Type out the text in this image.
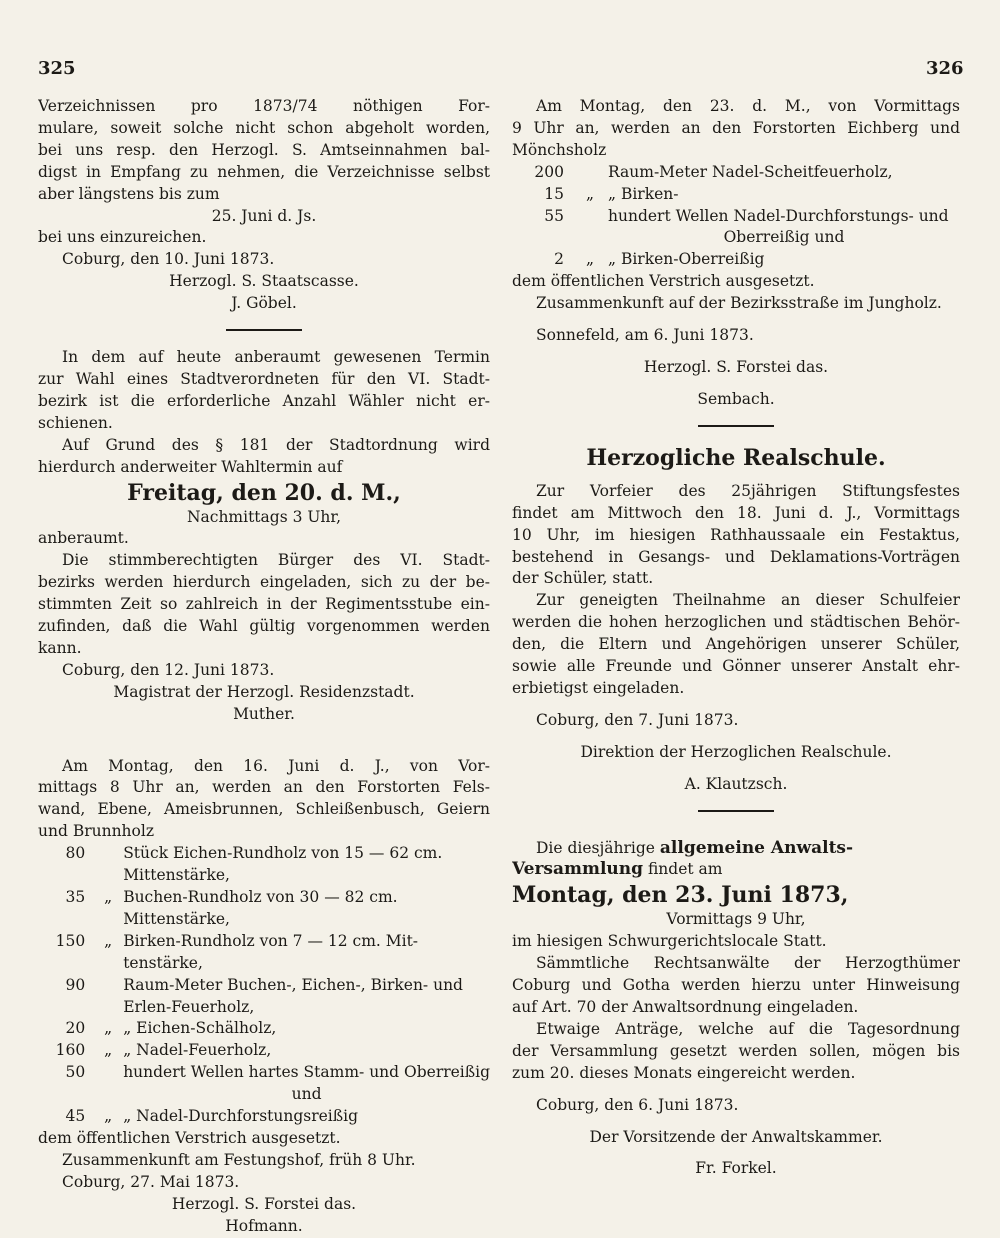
325	326
Verzeichnissen pro 1873/74 nöthigen For-
mulare, soweit solche nicht schon abgeholt worden,
bei uns resp. den Herzogl. S. Amtseinnahmen bal-
digst in Empfang zu nehmen, die Verzeichnisse selbst
aber längstens bis zum
25. Juni d. Js.
bei uns einzureichen.
Coburg, den 10. Juni 1873.
Herzogl. S. Staatscasse.
J. Göbel.
In dem auf heute anberaumt gewesenen Termin
zur Wahl eines Stadtverordneten für den VI. Stadt-
bezirk ist die erforderliche Anzahl Wähler nicht er-
schienen.
Auf Grund des § 181 der Stadtordnung wird
hierdurch anderweiter Wahltermin auf
Freitag, den 20. d. M.,
Nachmittags 3 Uhr,
anberaumt.
Die stimmberechtigten Bürger des VI. Stadt-
bezirks werden hierdurch eingeladen, sich zu der be-
stimmten Zeit so zahlreich in der Regimentsstube ein-
zufinden, daß die Wahl gültig vorgenommen werden
kann.
Coburg, den 12. Juni 1873.
Magistrat der Herzogl. Residenzstadt.
Muther.
Am Montag, den 16. Juni d. J., von Vor-
mittags 8 Uhr an, werden an den Forstorten Fels-
wand, Ebene, Ameisbrunnen, Schleißenbusch, Geiern
und Brunnholz
80		Stück Eichen-Rundholz von 15 — 62 cm.
		Mittenstärke,
35	„	Buchen-Rundholz von 30 — 82 cm.
		Mittenstärke,
150	„	Birken-Rundholz von 7 — 12 cm. Mit-
		tenstärke,
90		Raum-Meter Buchen-, Eichen-, Birken- und
		Erlen-Feuerholz,
20	„	„ Eichen-Schälholz,
160	„	„ Nadel-Feuerholz,
50		hundert Wellen hartes Stamm- und Oberreißig
		und
45	„	„ Nadel-Durchforstungsreißig
dem öffentlichen Verstrich ausgesetzt.
Zusammenkunft am Festungshof, früh 8 Uhr.
Coburg, 27. Mai 1873.
Herzogl. S. Forstei das.
Hofmann.
Am Montag, den 23. d. M., von Vormittags
9 Uhr an, werden an den Forstorten Eichberg und
Mönchsholz
200		Raum-Meter Nadel-Scheitfeuerholz,
15	„	„ Birken-
55		hundert Wellen Nadel-Durchforstungs- und
		Oberreißig und
2	„	„ Birken-Oberreißig
dem öffentlichen Verstrich ausgesetzt.
Zusammenkunft auf der Bezirksstraße im Jungholz.
Sonnefeld, am 6. Juni 1873.
Herzogl. S. Forstei das.
Sembach.
Herzogliche Realschule.
Zur Vorfeier des 25jährigen Stiftungsfestes
findet am Mittwoch den 18. Juni d. J., Vormittags
10 Uhr, im hiesigen Rathhaussaale ein Festaktus,
bestehend in Gesangs- und Deklamations-Vorträgen
der Schüler, statt.
Zur geneigten Theilnahme an dieser Schulfeier
werden die hohen herzoglichen und städtischen Behör-
den, die Eltern und Angehörigen unserer Schüler,
sowie alle Freunde und Gönner unserer Anstalt ehr-
erbietigst eingeladen.
Coburg, den 7. Juni 1873.
Direktion der Herzoglichen Realschule.
A. Klautzsch.
Die diesjährige allgemeine Anwalts-
Versammlung findet am
Montag, den 23. Juni 1873,
Vormittags 9 Uhr,
im hiesigen Schwurgerichtslocale Statt.
Sämmtliche Rechtsanwälte der Herzogthümer
Coburg und Gotha werden hierzu unter Hinweisung
auf Art. 70 der Anwaltsordnung eingeladen.
Etwaige Anträge, welche auf die Tagesordnung
der Versammlung gesetzt werden sollen, mögen bis
zum 20. dieses Monats eingereicht werden.
Coburg, den 6. Juni 1873.
Der Vorsitzende der Anwaltskammer.
Fr. Forkel.
